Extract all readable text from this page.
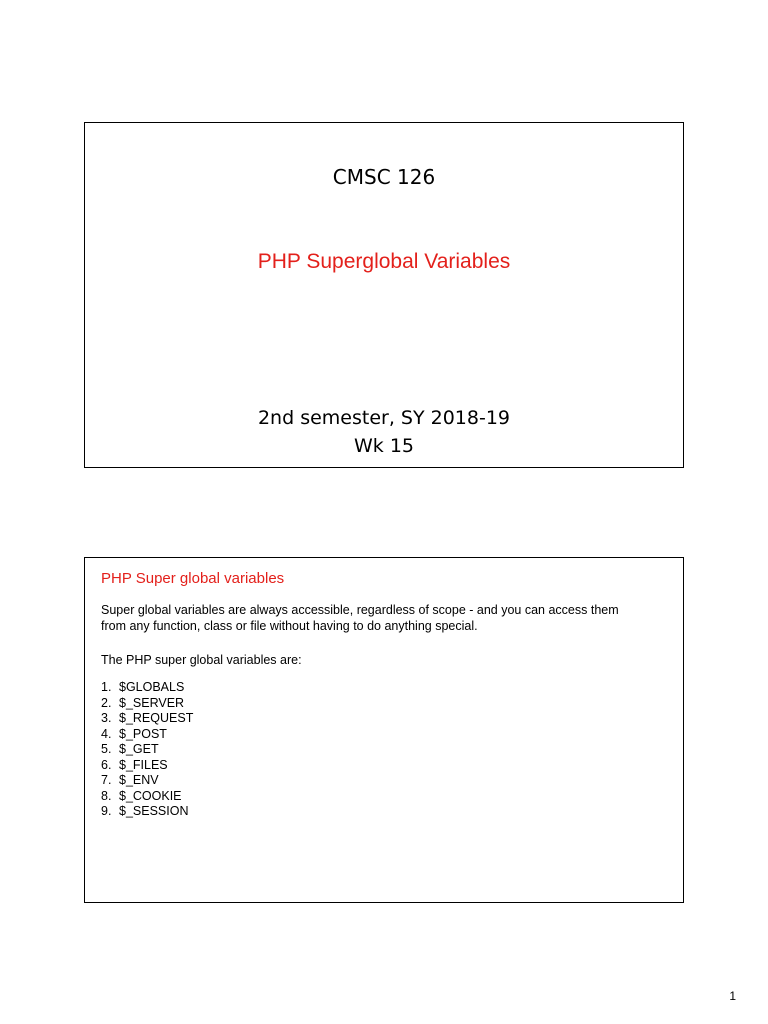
CMSC 126
PHP Superglobal Variables
2nd semester, SY 2018-19
Wk 15
PHP Super global variables
Super global variables are always accessible, regardless of scope - and you can access them
from any function, class or file without having to do anything special.
The PHP super global variables are:
1. $GLOBALS
2. $_SERVER
3. $_REQUEST
4. $_POST
5. $_GET
6. $_FILES
7. $_ENV
8. $_COOKIE
9. $_SESSION
1
